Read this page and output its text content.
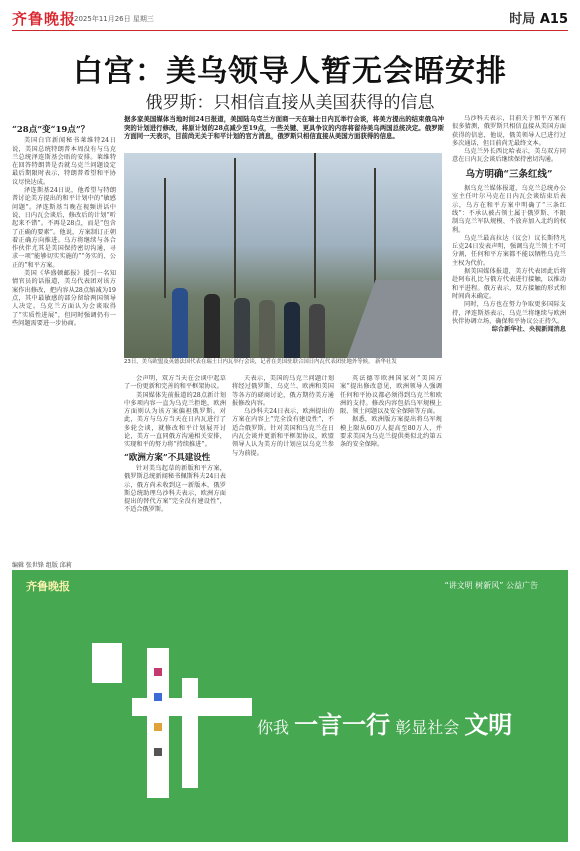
齐鲁晚报
2025年11月26日 星期三	时局 A15
白宫：美乌领导人暂无会晤安排
俄罗斯：只相信直接从美国获得的信息
据多家美国媒体当地时间24日报道，美国陆乌克兰方面商一天在瑞士日内瓦举行会谈，将美方提出的结束俄乌冲突的计划进行修改，将原计划的28点减少至19点，一些关键、更具争议的内容将留待美乌两国总统决定。俄罗斯方面同一天表示，目前尚无关于和平计划的官方消息，俄罗斯只相信直接从美国方面获得的信息。
“28点”变“19点”？

美国白宫新闻秘书莱维特24日说，美国总统特朗普本周没有与乌克兰总统泽连斯基会晤的安排。莱维特在回答特朗普是否就乌克兰问题设定最后期限时表示，特朗普希望和平协议尽快达成。

泽连斯基24日说，他希望与特朗普讨论美方提出的和平计划中的“敏感问题”。泽连斯基当晚在视频讲话中说，日内瓦会谈后，修改后的计划“听起来不错”。不再是28点，而是“包含了正确的要素”。他说，方案制订正朝着正确方向推进。乌方将继续与各合作伙伴尤其是美国保持密切沟通，寻求一项“能够切实实施的”“务实的、公正的”和平方案。

美国《华盛顿邮报》援引一名知情官员的话报道，美乌代表团对该方案作出修改，把内容从28点缩减为19点，其中最敏感的部分留给两国领导人决定。乌克兰方面认为会谈取得了“实质性进展”，但同时强调仍有一些问题需要进一步协商。

23日，美乌欧盟及英德法国代表在瑞士日内瓦举行会谈，记者在美国驻联合国日内瓦代表团驻地外等候。 新华社发

会声明，双方当天在会谈中起草了一份更新和完善的和平框架协议。

美国媒体先前报道的28点新计划中多项内容一直为乌克兰拒绝，欧洲方面则认为该方案偏袒俄罗斯。对此，美方与乌方当天在日内瓦进行了多轮会谈，就修改和平计划展开讨论，美方一直同俄方沟通相关安排，实现和平的努力将“持续推进”。

“欧洲方案”不具建设性

针对美乌起草的新版和平方案，俄罗斯总统新闻秘书佩斯科夫24日表示，俄方尚未收到这一新版本，俄罗斯总统助理乌沙科夫表示，欧洲方面提出的替代方案“完全没有建设性”，不适合俄罗斯。

夫表示，美国的乌克兰问题计划将经过俄罗斯、乌克兰、欧洲和美国等各方的磋商讨论，俄方期待美方通报修改内容。

乌沙科夫24日表示，欧洲提出的方案在内容上“完全没有建设性”，不适合俄罗斯。针对美国和乌克兰在日内瓦会谈并更新和平框架协议，欧盟领导人认为美方的计划应以乌克兰参与为前提。

英法德等欧洲国家对“美国方案”提出修改意见，欧洲领导人强调任何和平协议都必须得到乌克兰和欧洲的支持。修改内容包括乌军规模上限、领土问题以及安全保障等方面。

据悉，欧洲版方案提出将乌军规模上限从60万人提高至80万人，并要求美国为乌克兰提供类似北约第五条的安全保障。

乌沙科夫表示，目前关于和平方案有很多猜测，俄罗斯只相信直接从美国方面获得的信息，他说，俄美领导人已进行过多次通话，但目前尚无最终文本。

乌克兰外长西比哈表示，美乌双方同意在日内瓦会谈后继续保持密切沟通。

乌方明确“三条红线”

据乌克兰媒体报道，乌克兰总统办公室主任叶尔马克在日内瓦会谈结束后表示，乌方在和平方案中明确了“三条红线”：不承认被占领土属于俄罗斯、不限制乌克兰军队规模、不放弃加入北约的权利。

乌克兰最高拉达（议会）议长斯特凡丘克24日发表声明，强调乌克兰领土不可分割，任何和平方案都不能以牺牲乌克兰主权为代价。

据美国媒体报道，美方代表团此后将赴阿布扎比与俄方代表进行接触，以推动和平进程。俄方表示，双方接触的形式和时间尚未确定。

同时，乌方也在努力争取更多国际支持，泽连斯基表示，乌克兰将继续与欧洲伙伴协调立场，确保和平协议公正持久。

综合新华社、央视新闻消息
编辑 张世锋 组版 邱莉
齐鲁晚报	“讲文明 树新风” 公益广告
你我 一言一行 彰显社会 文明
